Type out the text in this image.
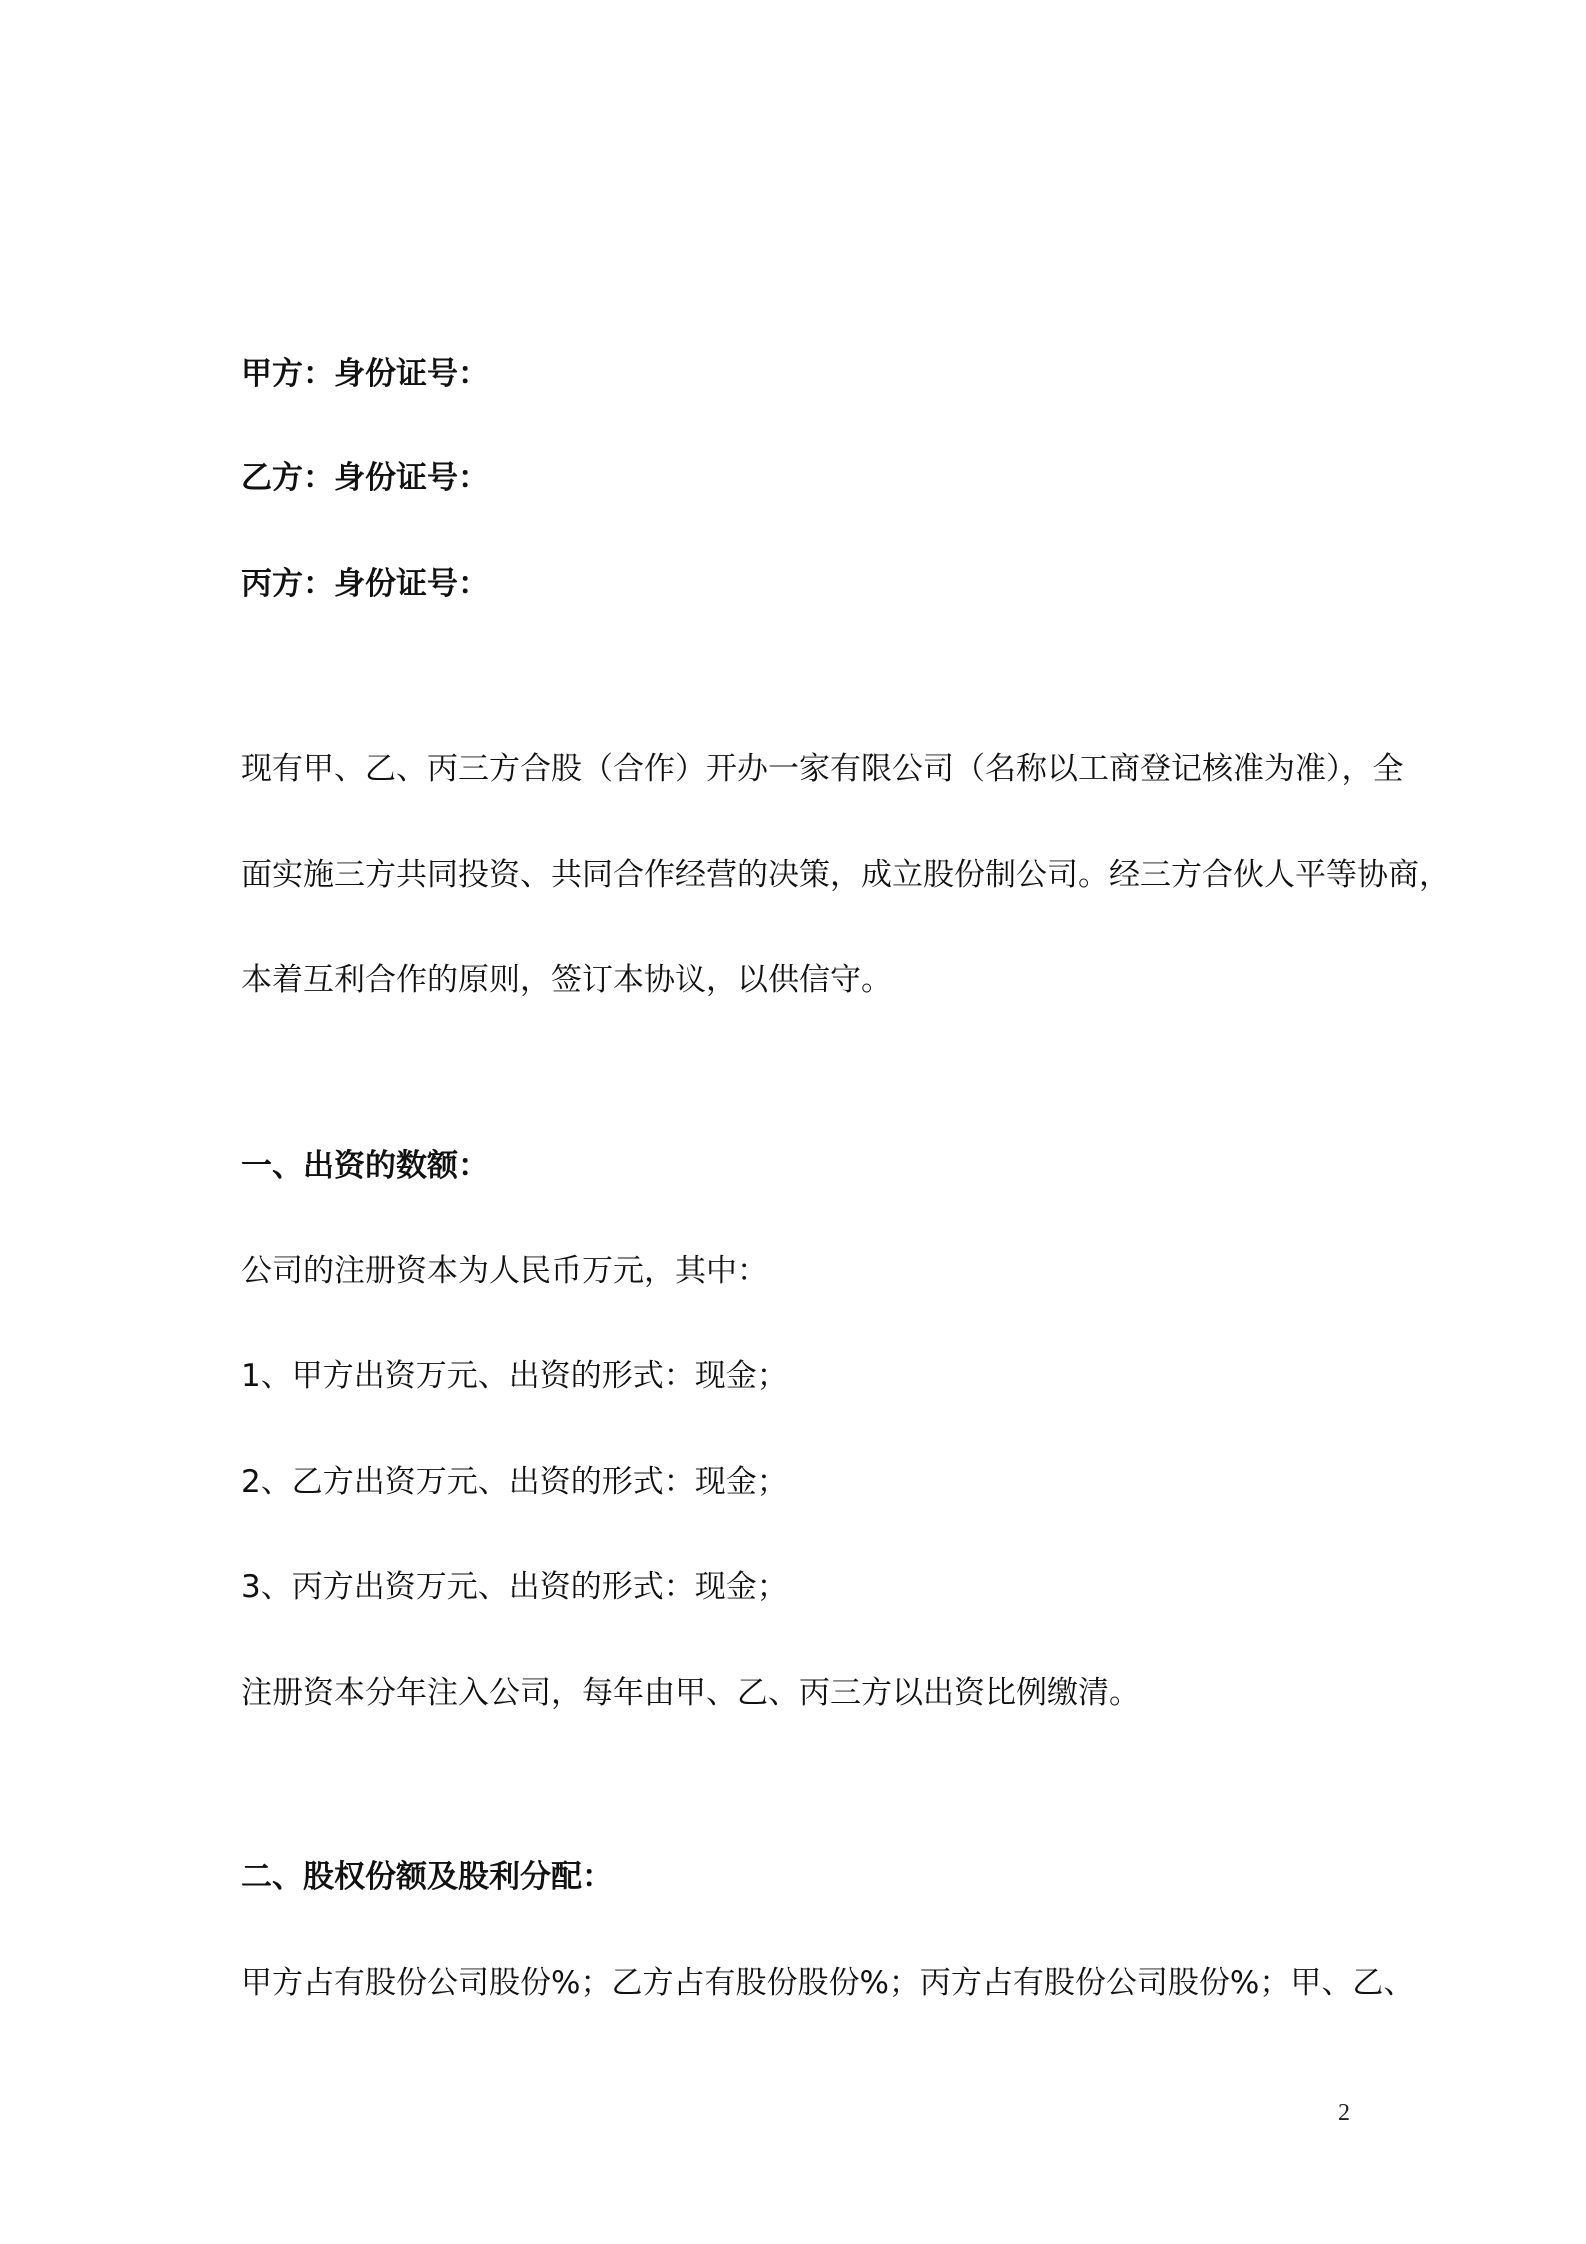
甲方：身份证号：
乙方：身份证号：
丙方：身份证号：
现有甲、乙、丙三方合股（合作）开办一家有限公司（名称以工商登记核准为准），全
面实施三方共同投资、共同合作经营的决策，成立股份制公司。经三方合伙人平等协商，
本着互利合作的原则，签订本协议，以供信守。
一、出资的数额：
公司的注册资本为人民币万元，其中：
1、甲方出资万元、出资的形式：现金；
2、乙方出资万元、出资的形式：现金；
3、丙方出资万元、出资的形式：现金；
注册资本分年注入公司，每年由甲、乙、丙三方以出资比例缴清。
二、股权份额及股利分配：
甲方占有股份公司股份%；乙方占有股份股份%；丙方占有股份公司股份%；甲、乙、
2
